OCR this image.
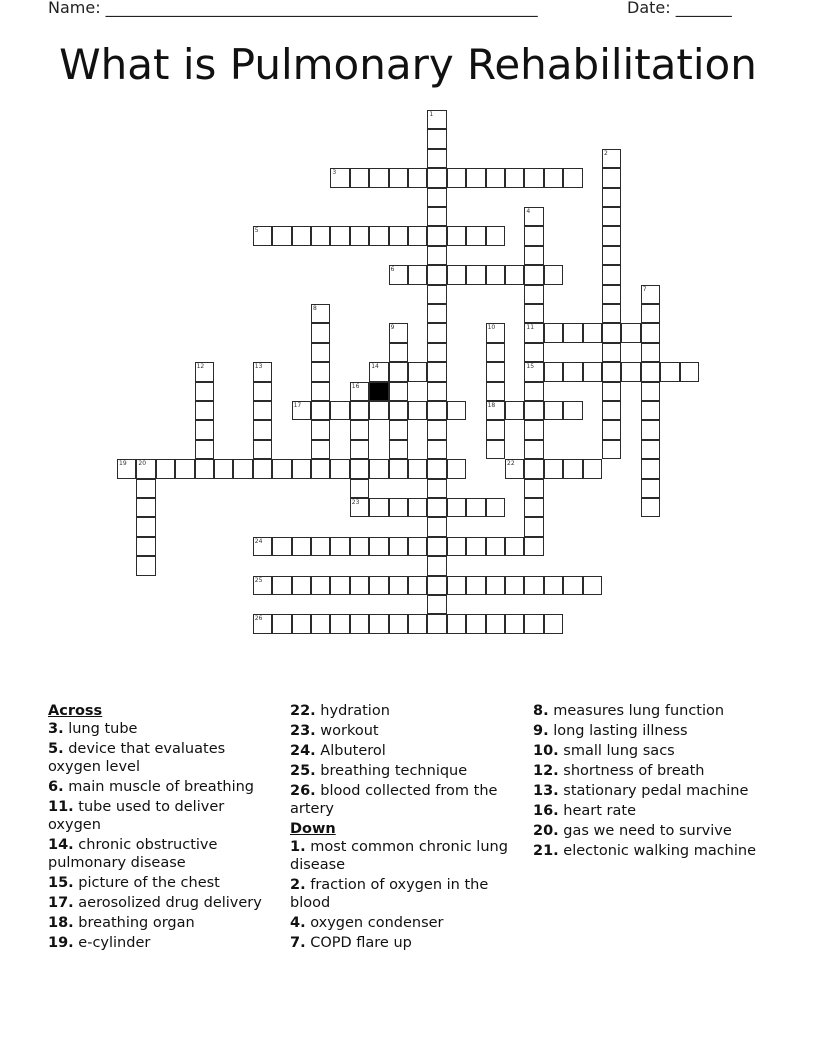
Name: ______________________________________________________	Date: _______
What is Pulmonary Rehabilitation
3
5
6
11
14	15
17	18
19 20	22
23
24
25
26
1
2
4
7
8
9	10
12	13
16
Across
3. lung tube
5. device that evaluates oxygen level
6. main muscle of breathing
11. tube used to deliver oxygen
14. chronic obstructive pulmonary disease
15. picture of the chest
17. aerosolized drug delivery
18. breathing organ
19. e-cylinder
22. hydration
23. workout
24. Albuterol
25. breathing technique
26. blood collected from the artery
Down
1. most common chronic lung disease
2. fraction of oxygen in the blood
4. oxygen condenser
7. COPD flare up
8. measures lung function
9. long lasting illness
10. small lung sacs
12. shortness of breath
13. stationary pedal machine
16. heart rate
20. gas we need to survive
21. electonic walking machine
